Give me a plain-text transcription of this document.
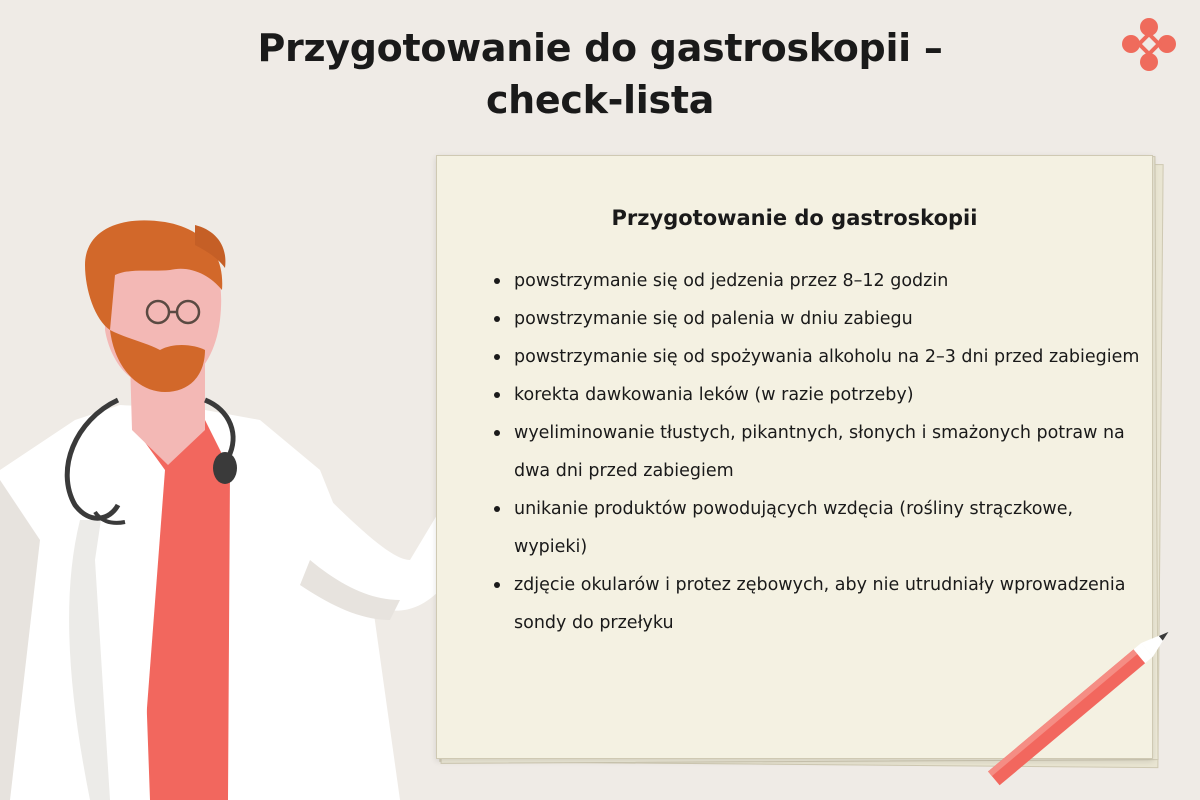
Przygotowanie do gastroskopii –
check-lista
Przygotowanie do gastroskopii
powstrzymanie się od jedzenia przez 8–12 godzin
powstrzymanie się od palenia w dniu zabiegu
powstrzymanie się od spożywania alkoholu na 2–3 dni przed zabiegiem
korekta dawkowania leków (w razie potrzeby)
wyeliminowanie tłustych, pikantnych, słonych i smażonych potraw na dwa dni przed zabiegiem
unikanie produktów powodujących wzdęcia (rośliny strączkowe, wypieki)
zdjęcie okularów i protez zębowych, aby nie utrudniały wprowadzenia sondy do przełyku
